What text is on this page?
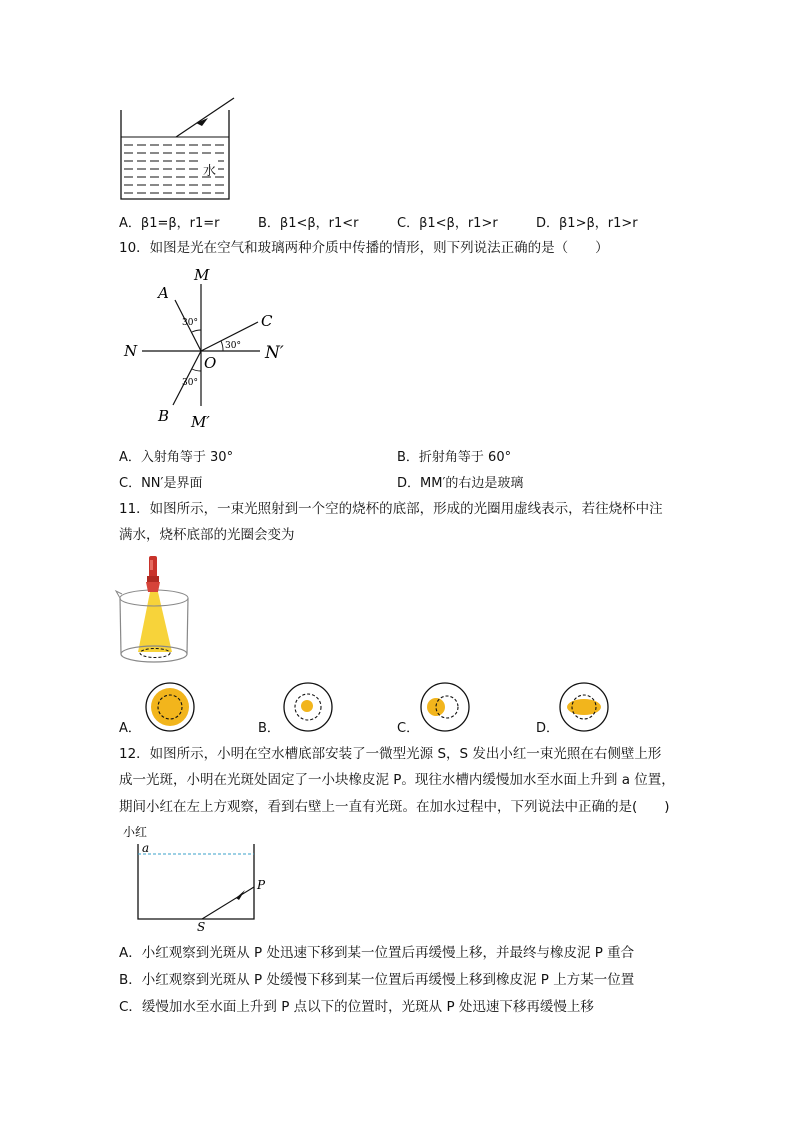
水
A．β1=β，r1=r	B．β1<β，r1<r	C．β1<β，r1>r	D．β1>β，r1>r
10．如图是光在空气和玻璃两种介质中传播的情形，则下列说法正确的是（　　）
M
A
C
N	N′
O
B M′
30°
30°
30°
A．入射角等于 30°	B．折射角等于 60°
C．NN′是界面	D．MM′的右边是玻璃
11．如图所示，一束光照射到一个空的烧杯的底部，形成的光圈用虚线表示，若往烧杯中注
满水，烧杯底部的光圈会变为
A．	B．	C．	D．
12．如图所示，小明在空水槽底部安装了一微型光源 S，S 发出小红一束光照在右侧壁上形
成一光斑，小明在光斑处固定了一小块橡皮泥 P。现往水槽内缓慢加水至水面上升到 a 位置，
期间小红在左上方观察，看到右壁上一直有光斑。在加水过程中，下列说法中正确的是(　　)
小红
a
P
S
A．小红观察到光斑从 P 处迅速下移到某一位置后再缓慢上移，并最终与橡皮泥 P 重合
B．小红观察到光斑从 P 处缓慢下移到某一位置后再缓慢上移到橡皮泥 P 上方某一位置
C．缓慢加水至水面上升到 P 点以下的位置时，光斑从 P 处迅速下移再缓慢上移
